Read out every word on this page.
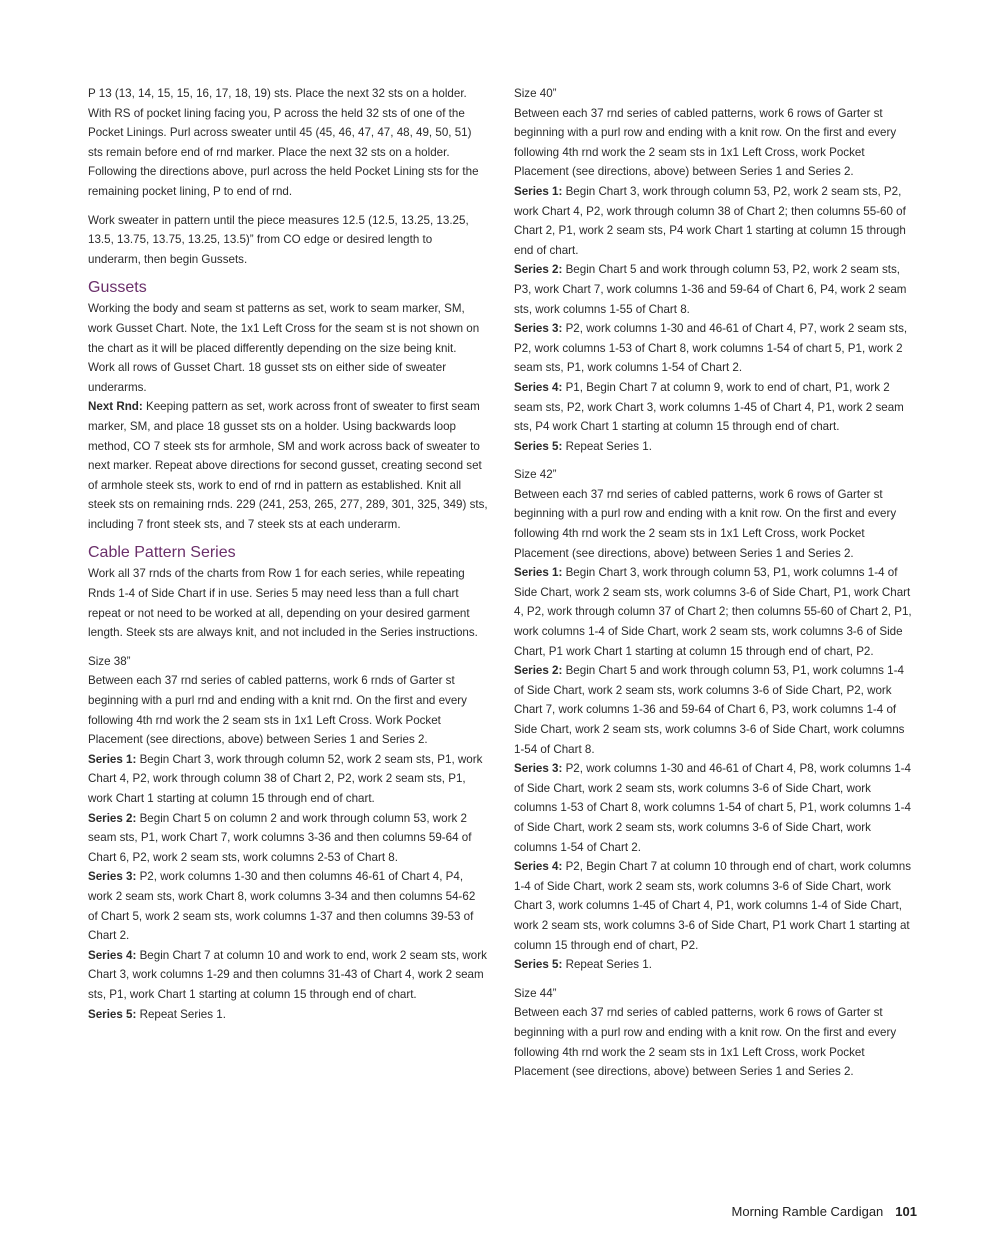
P 13 (13, 14, 15, 15, 16, 17, 18, 19) sts. Place the next 32 sts on a holder.

With RS of pocket lining facing you, P across the held 32 sts of one of the Pocket Linings. Purl across sweater until 45 (45, 46, 47, 47, 48, 49, 50, 51) sts remain before end of rnd marker. Place the next 32 sts on a holder. Following the directions above, purl across the held Pocket Lining sts for the remaining pocket lining, P to end of rnd.

Work sweater in pattern until the piece measures 12.5 (12.5, 13.25, 13.25, 13.5, 13.75, 13.75, 13.25, 13.5)” from CO edge or desired length to underarm, then begin Gussets.

Gussets

Working the body and seam st patterns as set, work to seam marker, SM, work Gusset Chart. Note, the 1x1 Left Cross for the seam st is not shown on the chart as it will be placed differently depending on the size being knit.

Work all rows of Gusset Chart. 18 gusset sts on either side of sweater underarms.

Next Rnd: Keeping pattern as set, work across front of sweater to first seam marker, SM, and place 18 gusset sts on a holder. Using backwards loop method, CO 7 steek sts for armhole, SM and work across back of sweater to next marker. Repeat above directions for second gusset, creating second set of armhole steek sts, work to end of rnd in pattern as established. Knit all steek sts on remaining rnds. 229 (241, 253, 265, 277, 289, 301, 325, 349) sts, including 7 front steek sts, and 7 steek sts at each underarm.

Cable Pattern Series

Work all 37 rnds of the charts from Row 1 for each series, while repeating Rnds 1-4 of Side Chart if in use. Series 5 may need less than a full chart repeat or not need to be worked at all, depending on your desired garment length. Steek sts are always knit, and not included in the Series instructions.

Size 38”

Between each 37 rnd series of cabled patterns, work 6 rnds of Garter st beginning with a purl rnd and ending with a knit rnd. On the first and every following 4th rnd work the 2 seam sts in 1x1 Left Cross. Work Pocket Placement (see directions, above) between Series 1 and Series 2.

Series 1: Begin Chart 3, work through column 52, work 2 seam sts, P1, work Chart 4, P2, work through column 38 of Chart 2, P2, work 2 seam sts, P1, work Chart 1 starting at column 15 through end of chart.

Series 2: Begin Chart 5 on column 2 and work through column 53, work 2 seam sts, P1, work Chart 7, work columns 3-36 and then columns 59-64 of Chart 6, P2, work 2 seam sts, work columns 2-53 of Chart 8.

Series 3: P2, work columns 1-30 and then columns 46-61 of Chart 4, P4, work 2 seam sts, work Chart 8, work columns 3-34 and then columns 54-62 of Chart 5, work 2 seam sts, work columns 1-37 and then columns 39-53 of Chart 2.

Series 4: Begin Chart 7 at column 10 and work to end, work 2 seam sts, work Chart 3, work columns 1-29 and then columns 31-43 of Chart 4, work 2 seam sts, P1, work Chart 1 starting at column 15 through end of chart.

Series 5: Repeat Series 1.

Size 40”

Between each 37 rnd series of cabled patterns, work 6 rows of Garter st beginning with a purl row and ending with a knit row. On the first and every following 4th rnd work the 2 seam sts in 1x1 Left Cross, work Pocket Placement (see directions, above) between Series 1 and Series 2.

Series 1: Begin Chart 3, work through column 53, P2, work 2 seam sts, P2, work Chart 4, P2, work through column 38 of Chart 2; then columns 55-60 of Chart 2, P1, work 2 seam sts, P4 work Chart 1 starting at column 15 through end of chart.

Series 2: Begin Chart 5 and work through column 53, P2, work 2 seam sts, P3, work Chart 7, work columns 1-36 and 59-64 of Chart 6, P4, work 2 seam sts, work columns 1-55 of Chart 8.

Series 3: P2, work columns 1-30 and 46-61 of Chart 4, P7, work 2 seam sts, P2, work columns 1-53 of Chart 8, work columns 1-54 of chart 5, P1, work 2 seam sts, P1, work columns 1-54 of Chart 2.

Series 4: P1, Begin Chart 7 at column 9, work to end of chart, P1, work 2 seam sts, P2, work Chart 3, work columns 1-45 of Chart 4, P1, work 2 seam sts, P4 work Chart 1 starting at column 15 through end of chart.

Series 5: Repeat Series 1.

Size 42”

Between each 37 rnd series of cabled patterns, work 6 rows of Garter st beginning with a purl row and ending with a knit row. On the first and every following 4th rnd work the 2 seam sts in 1x1 Left Cross, work Pocket Placement (see directions, above) between Series 1 and Series 2.

Series 1: Begin Chart 3, work through column 53, P1, work columns 1-4 of Side Chart, work 2 seam sts, work columns 3-6 of Side Chart, P1, work Chart 4, P2, work through column 37 of Chart 2; then columns 55-60 of Chart 2, P1, work columns 1-4 of Side Chart, work 2 seam sts, work columns 3-6 of Side Chart, P1 work Chart 1 starting at column 15 through end of chart, P2.

Series 2: Begin Chart 5 and work through column 53, P1, work columns 1-4 of Side Chart, work 2 seam sts, work columns 3-6 of Side Chart, P2, work Chart 7, work columns 1-36 and 59-64 of Chart 6, P3, work columns 1-4 of Side Chart, work 2 seam sts, work columns 3-6 of Side Chart, work columns 1-54 of Chart 8.

Series 3: P2, work columns 1-30 and 46-61 of Chart 4, P8, work columns 1-4 of Side Chart, work 2 seam sts, work columns 3-6 of Side Chart, work columns 1-53 of Chart 8, work columns 1-54 of chart 5, P1, work columns 1-4 of Side Chart, work 2 seam sts, work columns 3-6 of Side Chart, work columns 1-54 of Chart 2.

Series 4: P2, Begin Chart 7 at column 10 through end of chart, work columns 1-4 of Side Chart, work 2 seam sts, work columns 3-6 of Side Chart, work Chart 3, work columns 1-45 of Chart 4, P1, work columns 1-4 of Side Chart, work 2 seam sts, work columns 3-6 of Side Chart, P1 work Chart 1 starting at column 15 through end of chart, P2.

Series 5: Repeat Series 1.

Size 44”

Between each 37 rnd series of cabled patterns, work 6 rows of Garter st beginning with a purl row and ending with a knit row. On the first and every following 4th rnd work the 2 seam sts in 1x1 Left Cross, work Pocket Placement (see directions, above) between Series 1 and Series 2.

Morning Ramble Cardigan 101
